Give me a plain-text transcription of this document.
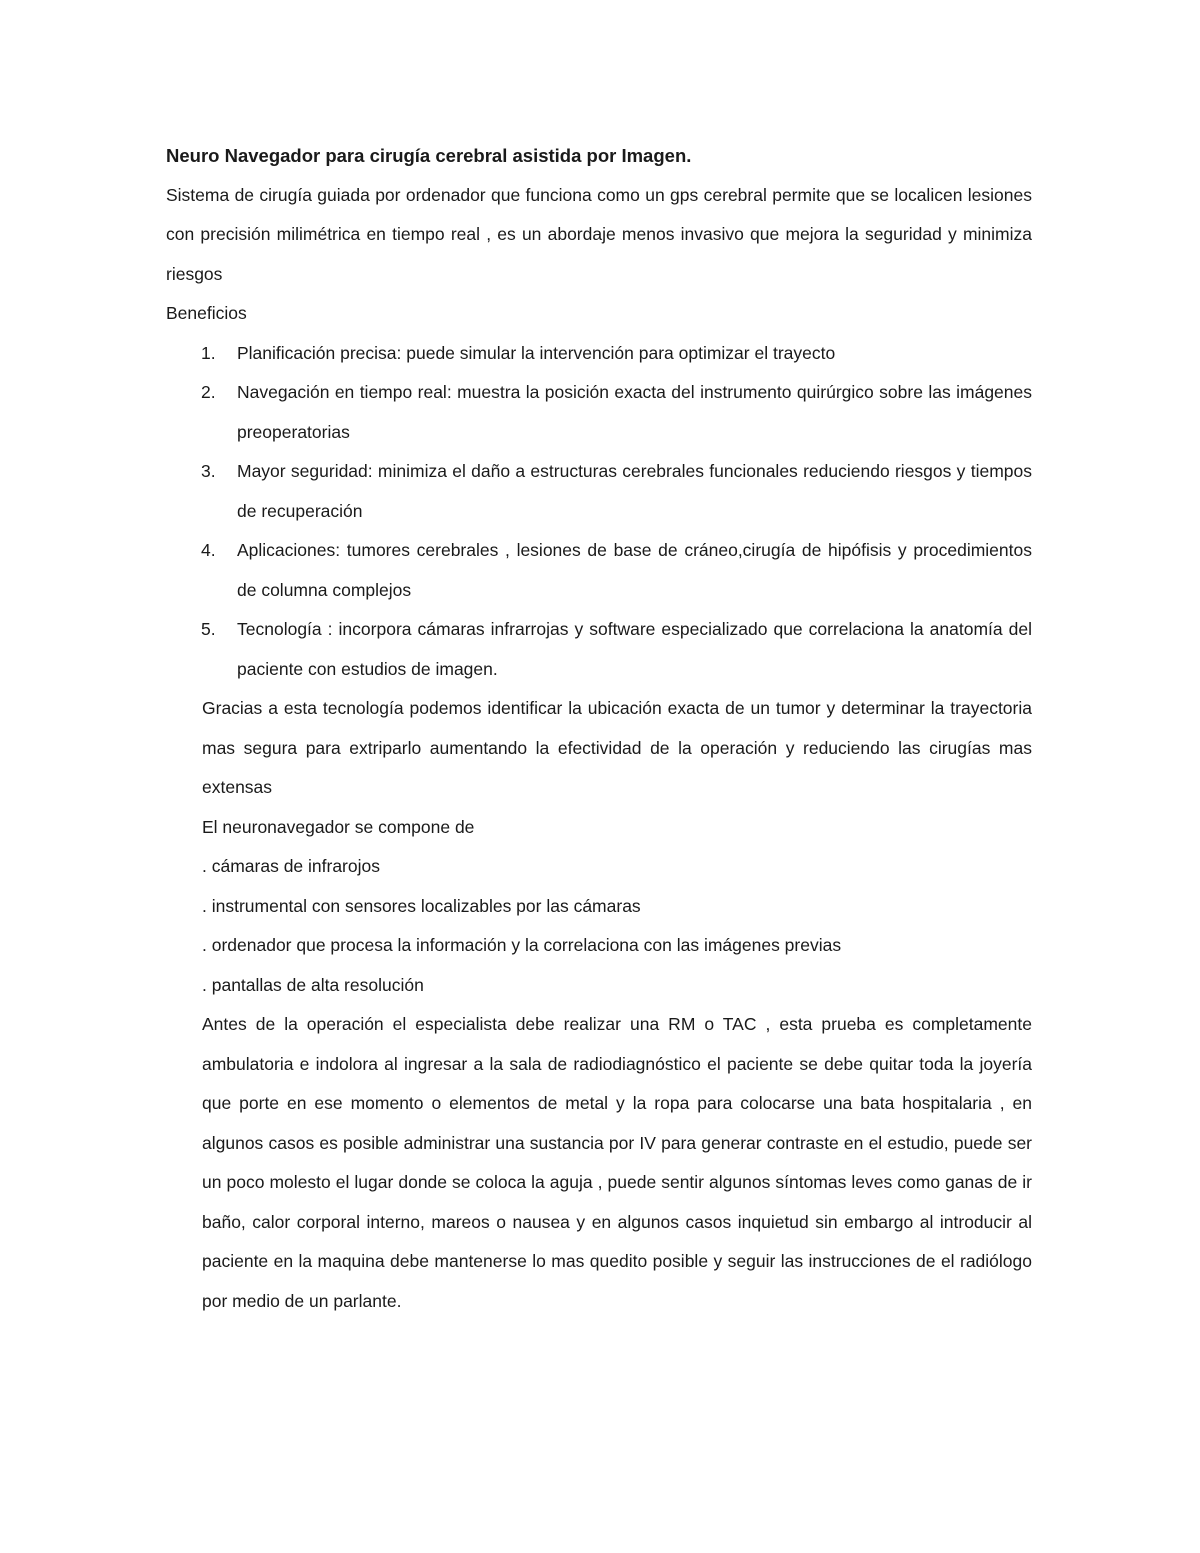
Neuro Navegador para cirugía cerebral asistida por Imagen.

Sistema de cirugía guiada por ordenador que funciona como un gps cerebral permite que se localicen lesiones con precisión milimétrica en tiempo real , es un abordaje menos invasivo que mejora la seguridad y minimiza riesgos

Beneficios

1. Planificación precisa: puede simular la intervención para optimizar el trayecto
2. Navegación en tiempo real: muestra la posición exacta del instrumento quirúrgico sobre las imágenes preoperatorias
3. Mayor seguridad: minimiza el daño a estructuras cerebrales funcionales reduciendo riesgos y tiempos de recuperación
4. Aplicaciones: tumores cerebrales , lesiones de base de cráneo,cirugía de hipófisis y procedimientos de columna complejos
5. Tecnología : incorpora cámaras infrarrojas y software especializado que correlaciona la anatomía del paciente con estudios de imagen.

Gracias a esta tecnología podemos identificar la ubicación exacta de un tumor y determinar la trayectoria mas segura para extriparlo aumentando la efectividad de la operación y reduciendo las cirugías mas extensas

El neuronavegador se compone de

. cámaras de infrarojos

. instrumental con sensores localizables por las cámaras

. ordenador que procesa la información y la correlaciona con las imágenes previas

. pantallas de alta resolución

Antes de la operación el especialista debe realizar una RM o TAC , esta prueba es completamente ambulatoria e indolora al ingresar a la sala de radiodiagnóstico el paciente se debe quitar toda la joyería que porte en ese momento o elementos de metal y la ropa para colocarse una bata hospitalaria , en algunos casos es posible administrar una sustancia por IV para generar contraste en el estudio, puede ser un poco molesto el lugar donde se coloca la aguja , puede sentir algunos síntomas leves como ganas de ir baño, calor corporal interno, mareos o nausea y en algunos casos inquietud sin embargo al introducir al paciente en la maquina debe mantenerse lo mas quedito posible y seguir las instrucciones de el radiólogo por medio de un parlante.
